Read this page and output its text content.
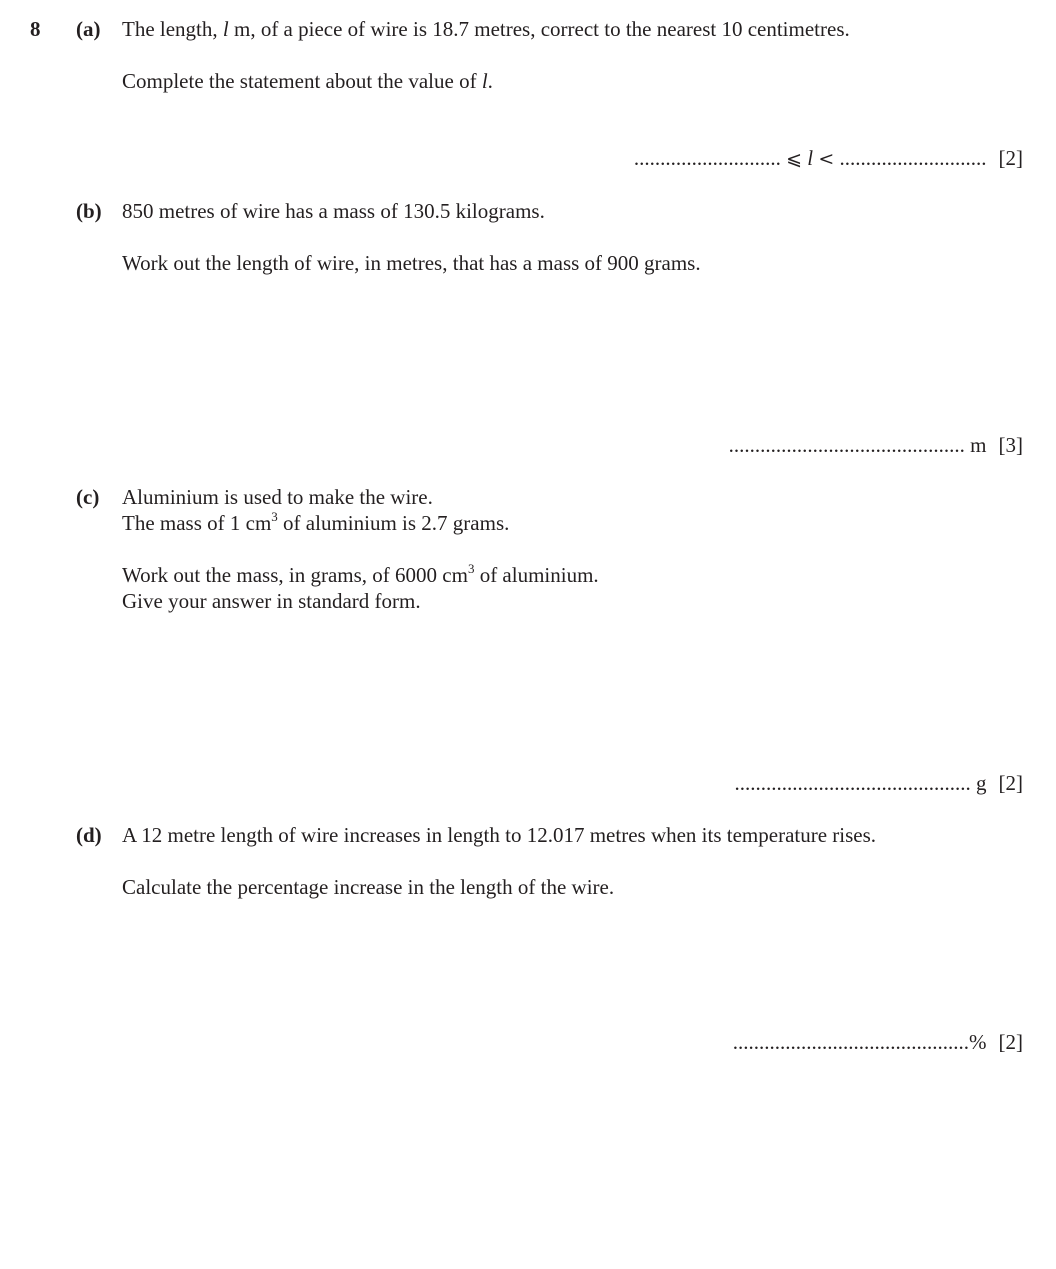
8 (a) The length, l m, of a piece of wire is 18.7 metres, correct to the nearest 10 centimetres.
Complete the statement about the value of l.
............................ ⩽ l < ............................ [2]
(b) 850 metres of wire has a mass of 130.5 kilograms.
Work out the length of wire, in metres, that has a mass of 900 grams.
............................................. m [3]
(c) Aluminium is used to make the wire.
The mass of 1 $cm^3$ of aluminium is 2.7 grams.
Work out the mass, in grams, of 6000 $cm^3$ of aluminium.
Give your answer in standard form.
............................................. g [2]
(d) A 12 metre length of wire increases in length to 12.017 metres when its temperature rises.
Calculate the percentage increase in the length of the wire.
.............................................% [2]
